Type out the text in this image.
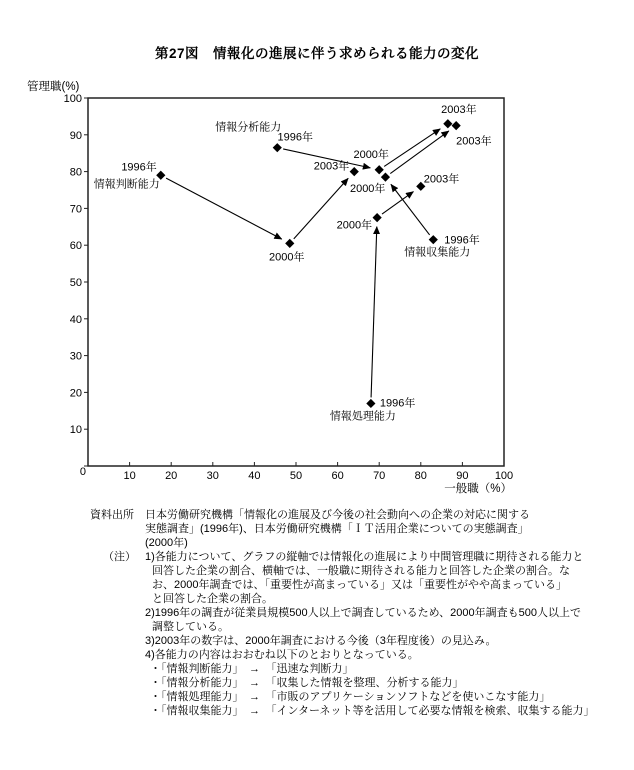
第27図　情報化の進展に伴う求められる能力の変化
10	20	30	40	50	60	70	80	90 100
10
20
30
40
50
60
70
80
90
100
0
管理職(%)
一般職（%）
1996年
2000年
2003年
情報判断能力
1996年
2000年
2003年
情報分析能力
1996年
2000年
2003年
情報処理能力
1996年
2000年
2003年
情報収集能力
資料出所
（注）
日本労働研究機構「情報化の進展及び今後の社会動向への企業の対応に関する
実態調査」(1996年)、日本労働研究機構「ＩＴ活用企業についての実態調査」
(2000年)
1)各能力について、グラフの縦軸では情報化の進展により中間管理職に期待される能力と
回答した企業の割合、横軸では、一般職に期待される能力と回答した企業の割合。な
お、2000年調査では、「重要性が高まっている」又は「重要性がやや高まっている」
と回答した企業の割合。
2)1996年の調査が従業員規模500人以上で調査しているため、2000年調査も500人以上で
調整している。
3)2003年の数字は、2000年調査における今後（3年程度後）の見込み。
4)各能力の内容はおおむね以下のとおりとなっている。
・「情報判断能力」　→　「迅速な判断力」
・「情報分析能力」　→　「収集した情報を整理、分析する能力」
・「情報処理能力」　→　「市販のアプリケーションソフトなどを使いこなす能力」
・「情報収集能力」　→　「インターネット等を活用して必要な情報を検索、収集する能力」
